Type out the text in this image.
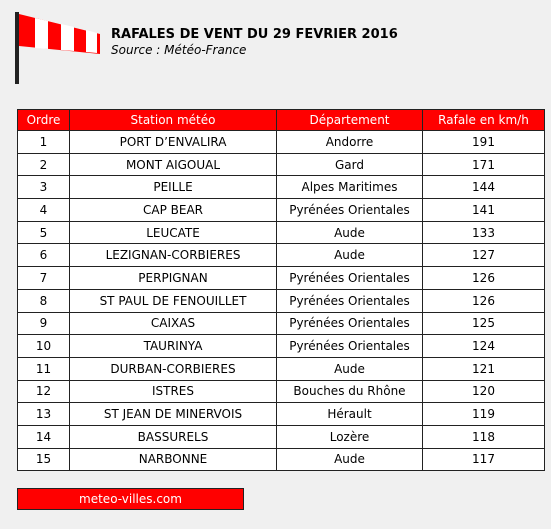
RAFALES DE VENT DU 29 FEVRIER 2016
Source : Météo-France
Ordre	Station météo	Département	Rafale en km/h
1	PORT D’ENVALIRA	Andorre	191
2	MONT AIGOUAL	Gard	171
3	PEILLE	Alpes Maritimes	144
4	CAP BEAR	Pyrénées Orientales	141
5	LEUCATE	Aude	133
6	LEZIGNAN-CORBIERES	Aude	127
7	PERPIGNAN	Pyrénées Orientales	126
8	ST PAUL DE FENOUILLET	Pyrénées Orientales	126
9	CAIXAS	Pyrénées Orientales	125
10	TAURINYA	Pyrénées Orientales	124
11	DURBAN-CORBIERES	Aude	121
12	ISTRES	Bouches du Rhône	120
13	ST JEAN DE MINERVOIS	Hérault	119
14	BASSURELS	Lozère	118
15	NARBONNE	Aude	117
meteo-villes.com
